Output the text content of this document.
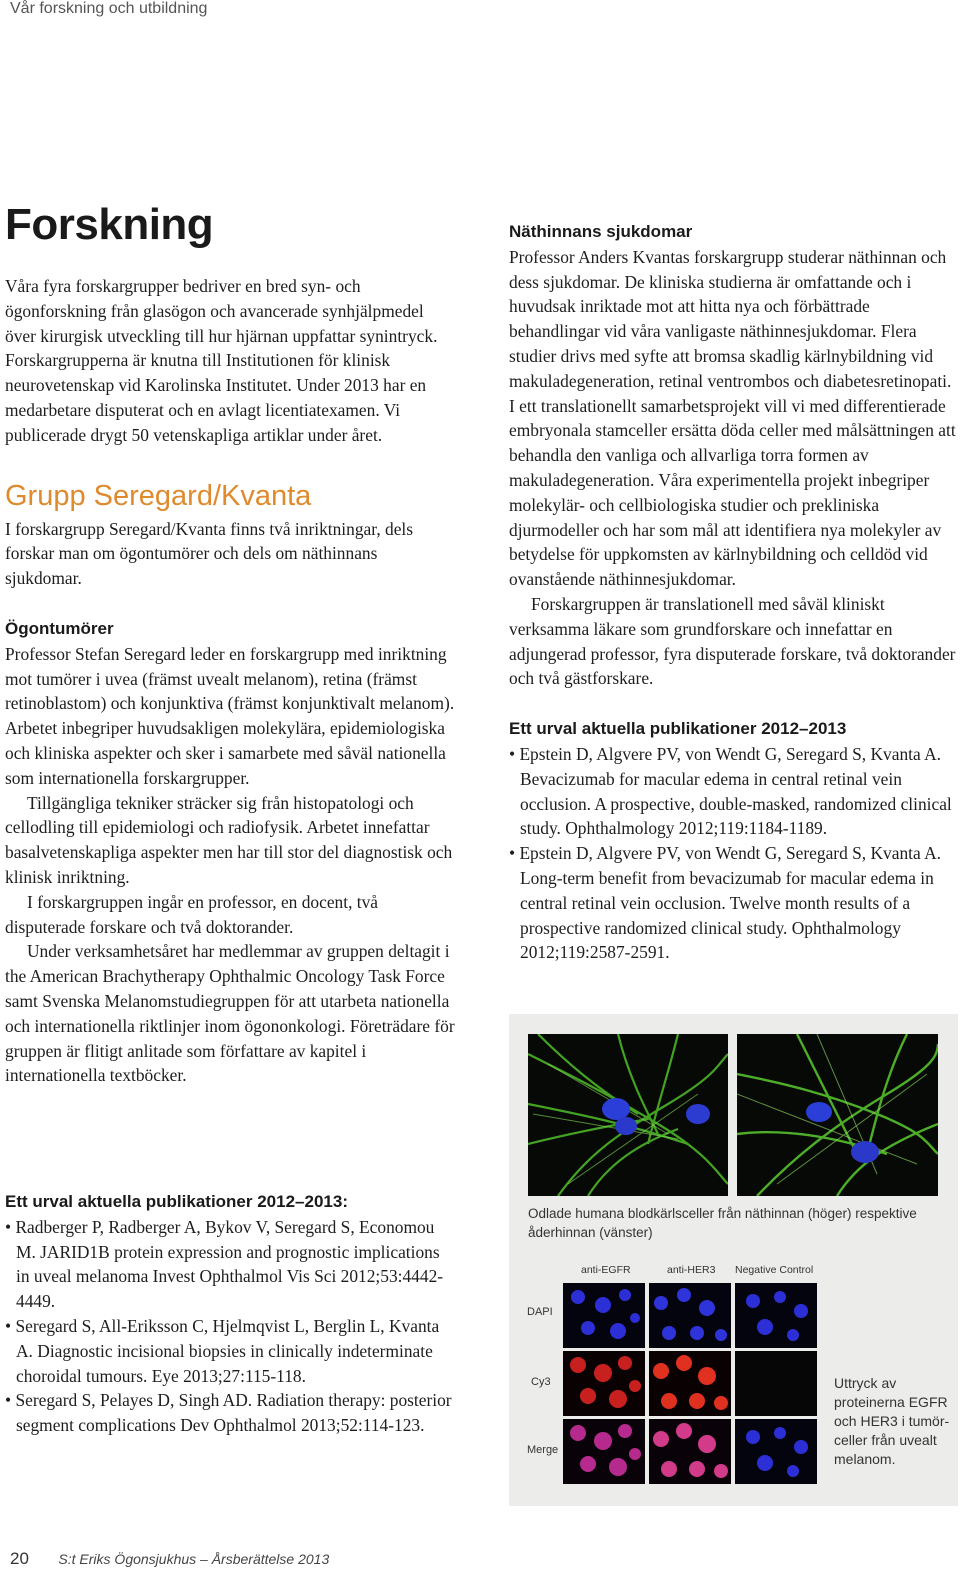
Vår forskning och utbildning
Forskning

Våra fyra forskargrupper bedriver en bred syn- och ögonforskning från glasögon och avancerade synhjälpmedel över kirurgisk utveckling till hur hjärnan uppfattar synintryck. Forskargrupperna är knutna till Institutionen för klinisk neurovetenskap vid Karolinska Institutet. Under 2013 har en medarbetare disputerat och en avlagt licentiatexamen. Vi publicerade drygt 50 vetenskapliga artiklar under året.

Grupp Seregard/Kvanta

I forskargrupp Seregard/Kvanta finns två inriktningar, dels forskar man om ögontumörer och dels om näthinnans sjukdomar.

Ögontumörer

Professor Stefan Seregard leder en forskargrupp med inriktning mot tumörer i uvea (främst uvealt melanom), retina (främst retinoblastom) och konjunktiva (främst konjunktivalt melanom). Arbetet inbegriper huvudsakligen molekylära, epidemiologiska och kliniska aspekter och sker i samarbete med såväl nationella som internationella forskargrupper.

Tillgängliga tekniker sträcker sig från histopatologi och cellodling till epidemiologi och radiofysik. Arbetet innefattar basalvetenskapliga aspekter men har till stor del diagnostisk och klinisk inriktning.

I forskargruppen ingår en professor, en docent, två disputerade forskare och två doktorander.

Under verksamhetsåret har medlemmar av gruppen deltagit i the American Brachytherapy Ophthalmic Oncology Task Force samt Svenska Melanomstudiegruppen för att utarbeta nationella och internationella riktlinjer inom ögononkologi. Företrädare för gruppen är flitigt anlitade som författare av kapitel i internationella textböcker.

Ett urval aktuella publikationer 2012–2013:
• Radberger P, Radberger A, Bykov V, Seregard S, Economou M. JARID1B protein expression and prognostic implications in uveal melanoma Invest Ophthalmol Vis Sci 2012;53:4442-4449.
• Seregard S, All-Eriksson C, Hjelmqvist L, Berglin L, Kvanta A. Diagnostic incisional biopsies in clinically indeterminate choroidal tumours. Eye 2013;27:115-118.
• Seregard S, Pelayes D, Singh AD. Radiation therapy: posterior segment complications Dev Ophthalmol 2013;52:114-123.
Näthinnans sjukdomar

Professor Anders Kvantas forskargrupp studerar näthinnan och dess sjukdomar. De kliniska studierna är omfattande och i huvudsak inriktade mot att hitta nya och förbättrade behandlingar vid våra vanligaste näthinnesjukdomar. Flera studier drivs med syfte att bromsa skadlig kärlnybildning vid makuladegeneration, retinal ventrombos och diabetesretinopati. I ett translationellt samarbetsprojekt vill vi med differentierade embryonala stamceller ersätta döda celler med målsättningen att behandla den vanliga och allvarliga torra formen av makuladegeneration. Våra experimentella projekt inbegriper molekylär- och cellbiologiska studier och prekliniska djurmodeller och har som mål att identifiera nya molekyler av betydelse för uppkomsten av kärlnybildning och celldöd vid ovanstående näthinnesjukdomar.

Forskargruppen är translationell med såväl kliniskt verksamma läkare som grundforskare och innefattar en adjungerad professor, fyra disputerade forskare, två doktorander och två gästforskare.

Ett urval aktuella publikationer 2012–2013
• Epstein D, Algvere PV, von Wendt G, Seregard S, Kvanta A. Bevacizumab for macular edema in central retinal vein occlusion. A prospective, double-masked, randomized clinical study. Ophthalmology 2012;119:1184-1189.
• Epstein D, Algvere PV, von Wendt G, Seregard S, Kvanta A. Long-term benefit from bevacizumab for macular edema in central retinal vein occlusion. Twelve month results of a prospective randomized clinical study. Ophthalmology 2012;119:2587-2591.
Odlade humana blodkärlsceller från näthinnan (höger) respektive åderhinnan (vänster)
anti-EGFR	anti-HER3 Negative Control
DAPI
Cy3
Merge
Uttryck av proteinerna EGFR och HER3 i tumör-celler från uvealt melanom.
20 S:t Eriks Ögonsjukhus – Årsberättelse 2013
